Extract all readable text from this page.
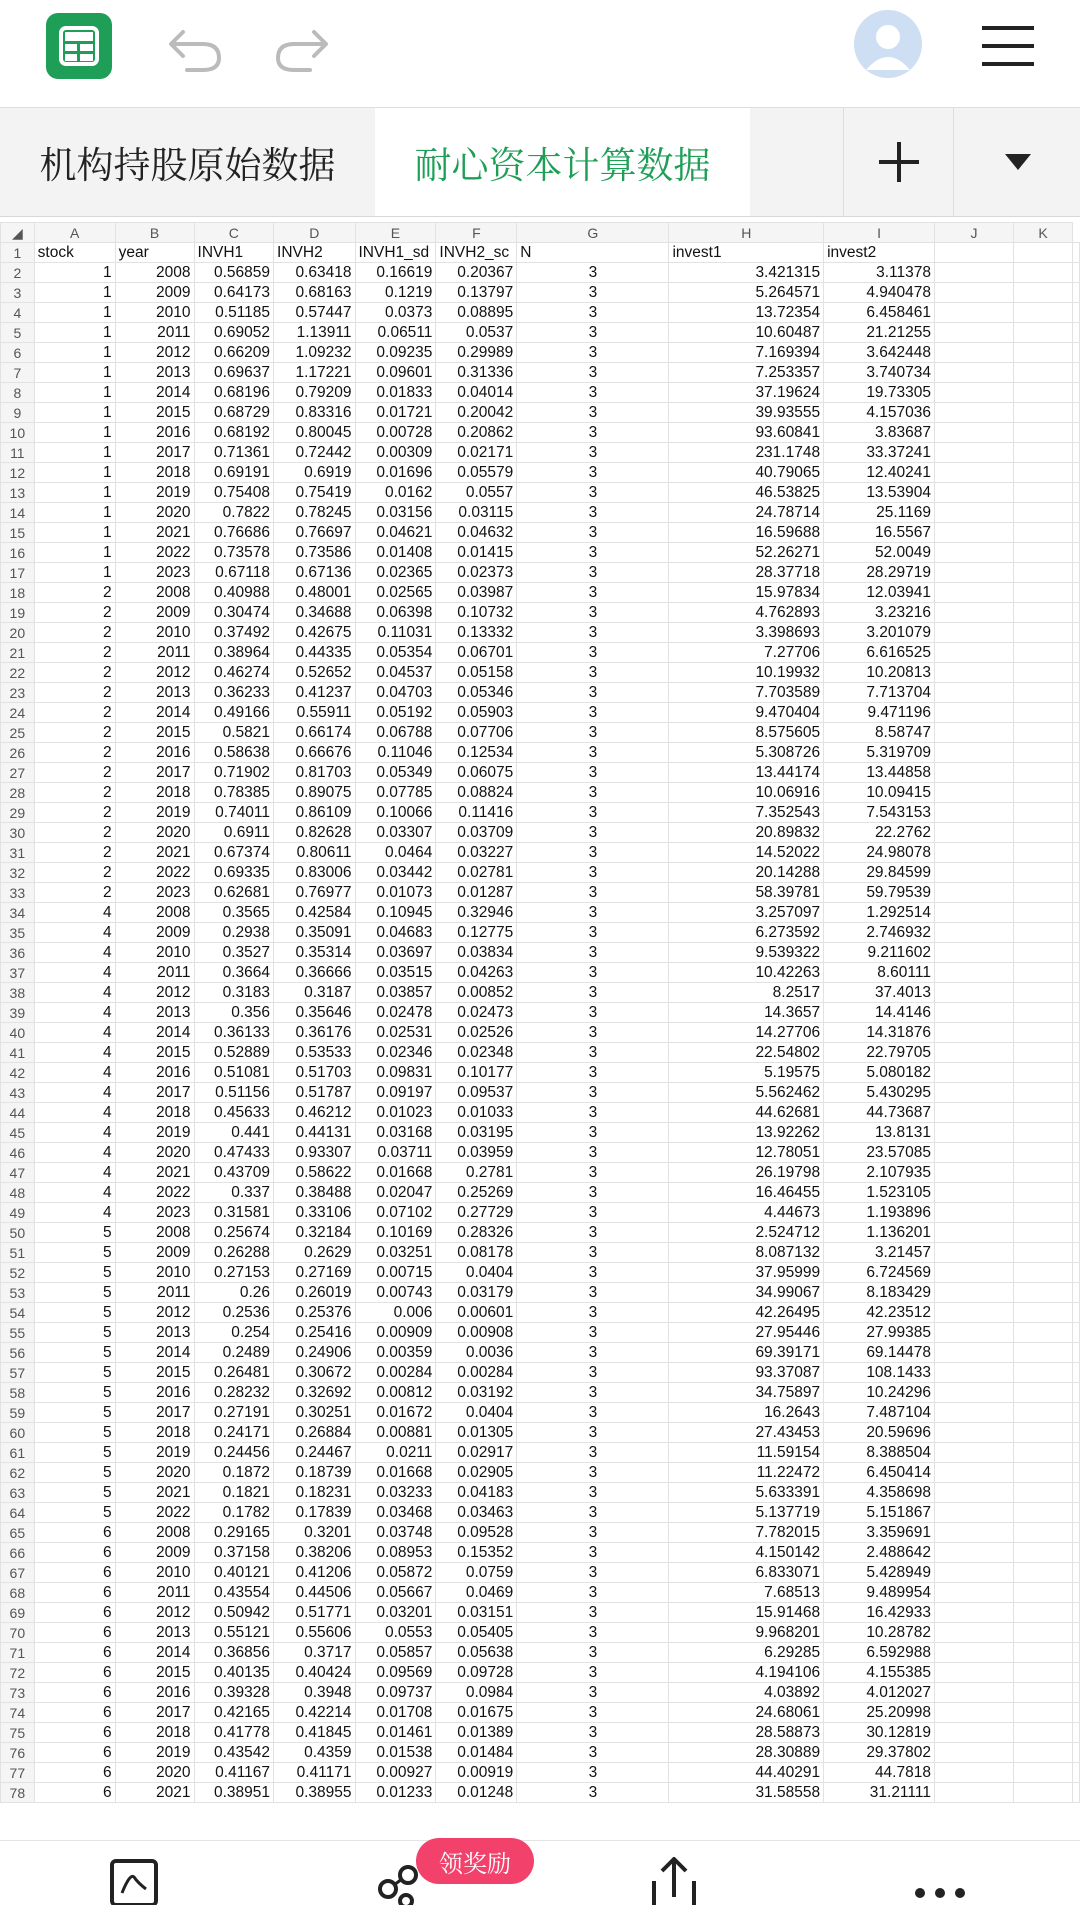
机构持股原始数据	耐心资本计算数据
◢	A	B	C	D	E	F	G	H	I	J	K	
1	stock	year	INVH1	INVH2	INVH1_sd	INVH2_sc	N	invest1	invest2			
2	1	2008	0.56859	0.63418	0.16619	0.20367	3	3.421315	3.11378			
3	1	2009	0.64173	0.68163	0.1219	0.13797	3	5.264571	4.940478			
4	1	2010	0.51185	0.57447	0.0373	0.08895	3	13.72354	6.458461			
5	1	2011	0.69052	1.13911	0.06511	0.0537	3	10.60487	21.21255			
6	1	2012	0.66209	1.09232	0.09235	0.29989	3	7.169394	3.642448			
7	1	2013	0.69637	1.17221	0.09601	0.31336	3	7.253357	3.740734			
8	1	2014	0.68196	0.79209	0.01833	0.04014	3	37.19624	19.73305			
9	1	2015	0.68729	0.83316	0.01721	0.20042	3	39.93555	4.157036			
10	1	2016	0.68192	0.80045	0.00728	0.20862	3	93.60841	3.83687			
11	1	2017	0.71361	0.72442	0.00309	0.02171	3	231.1748	33.37241			
12	1	2018	0.69191	0.6919	0.01696	0.05579	3	40.79065	12.40241			
13	1	2019	0.75408	0.75419	0.0162	0.0557	3	46.53825	13.53904			
14	1	2020	0.7822	0.78245	0.03156	0.03115	3	24.78714	25.1169			
15	1	2021	0.76686	0.76697	0.04621	0.04632	3	16.59688	16.5567			
16	1	2022	0.73578	0.73586	0.01408	0.01415	3	52.26271	52.0049			
17	1	2023	0.67118	0.67136	0.02365	0.02373	3	28.37718	28.29719			
18	2	2008	0.40988	0.48001	0.02565	0.03987	3	15.97834	12.03941			
19	2	2009	0.30474	0.34688	0.06398	0.10732	3	4.762893	3.23216			
20	2	2010	0.37492	0.42675	0.11031	0.13332	3	3.398693	3.201079			
21	2	2011	0.38964	0.44335	0.05354	0.06701	3	7.27706	6.616525			
22	2	2012	0.46274	0.52652	0.04537	0.05158	3	10.19932	10.20813			
23	2	2013	0.36233	0.41237	0.04703	0.05346	3	7.703589	7.713704			
24	2	2014	0.49166	0.55911	0.05192	0.05903	3	9.470404	9.471196			
25	2	2015	0.5821	0.66174	0.06788	0.07706	3	8.575605	8.58747			
26	2	2016	0.58638	0.66676	0.11046	0.12534	3	5.308726	5.319709			
27	2	2017	0.71902	0.81703	0.05349	0.06075	3	13.44174	13.44858			
28	2	2018	0.78385	0.89075	0.07785	0.08824	3	10.06916	10.09415			
29	2	2019	0.74011	0.86109	0.10066	0.11416	3	7.352543	7.543153			
30	2	2020	0.6911	0.82628	0.03307	0.03709	3	20.89832	22.2762			
31	2	2021	0.67374	0.80611	0.0464	0.03227	3	14.52022	24.98078			
32	2	2022	0.69335	0.83006	0.03442	0.02781	3	20.14288	29.84599			
33	2	2023	0.62681	0.76977	0.01073	0.01287	3	58.39781	59.79539			
34	4	2008	0.3565	0.42584	0.10945	0.32946	3	3.257097	1.292514			
35	4	2009	0.2938	0.35091	0.04683	0.12775	3	6.273592	2.746932			
36	4	2010	0.3527	0.35314	0.03697	0.03834	3	9.539322	9.211602			
37	4	2011	0.3664	0.36666	0.03515	0.04263	3	10.42263	8.60111			
38	4	2012	0.3183	0.3187	0.03857	0.00852	3	8.2517	37.4013			
39	4	2013	0.356	0.35646	0.02478	0.02473	3	14.3657	14.4146			
40	4	2014	0.36133	0.36176	0.02531	0.02526	3	14.27706	14.31876			
41	4	2015	0.52889	0.53533	0.02346	0.02348	3	22.54802	22.79705			
42	4	2016	0.51081	0.51703	0.09831	0.10177	3	5.19575	5.080182			
43	4	2017	0.51156	0.51787	0.09197	0.09537	3	5.562462	5.430295			
44	4	2018	0.45633	0.46212	0.01023	0.01033	3	44.62681	44.73687			
45	4	2019	0.441	0.44131	0.03168	0.03195	3	13.92262	13.8131			
46	4	2020	0.47433	0.93307	0.03711	0.03959	3	12.78051	23.57085			
47	4	2021	0.43709	0.58622	0.01668	0.2781	3	26.19798	2.107935			
48	4	2022	0.337	0.38488	0.02047	0.25269	3	16.46455	1.523105			
49	4	2023	0.31581	0.33106	0.07102	0.27729	3	4.44673	1.193896			
50	5	2008	0.25674	0.32184	0.10169	0.28326	3	2.524712	1.136201			
51	5	2009	0.26288	0.2629	0.03251	0.08178	3	8.087132	3.21457			
52	5	2010	0.27153	0.27169	0.00715	0.0404	3	37.95999	6.724569			
53	5	2011	0.26	0.26019	0.00743	0.03179	3	34.99067	8.183429			
54	5	2012	0.2536	0.25376	0.006	0.00601	3	42.26495	42.23512			
55	5	2013	0.254	0.25416	0.00909	0.00908	3	27.95446	27.99385			
56	5	2014	0.2489	0.24906	0.00359	0.0036	3	69.39171	69.14478			
57	5	2015	0.26481	0.30672	0.00284	0.00284	3	93.37087	108.1433			
58	5	2016	0.28232	0.32692	0.00812	0.03192	3	34.75897	10.24296			
59	5	2017	0.27191	0.30251	0.01672	0.0404	3	16.2643	7.487104			
60	5	2018	0.24171	0.26884	0.00881	0.01305	3	27.43453	20.59696			
61	5	2019	0.24456	0.24467	0.0211	0.02917	3	11.59154	8.388504			
62	5	2020	0.1872	0.18739	0.01668	0.02905	3	11.22472	6.450414			
63	5	2021	0.1821	0.18231	0.03233	0.04183	3	5.633391	4.358698			
64	5	2022	0.1782	0.17839	0.03468	0.03463	3	5.137719	5.151867			
65	6	2008	0.29165	0.3201	0.03748	0.09528	3	7.782015	3.359691			
66	6	2009	0.37158	0.38206	0.08953	0.15352	3	4.150142	2.488642			
67	6	2010	0.40121	0.41206	0.05872	0.0759	3	6.833071	5.428949			
68	6	2011	0.43554	0.44506	0.05667	0.0469	3	7.68513	9.489954			
69	6	2012	0.50942	0.51771	0.03201	0.03151	3	15.91468	16.42933			
70	6	2013	0.55121	0.55606	0.0553	0.05405	3	9.968201	10.28782			
71	6	2014	0.36856	0.3717	0.05857	0.05638	3	6.29285	6.592988			
72	6	2015	0.40135	0.40424	0.09569	0.09728	3	4.194106	4.155385			
73	6	2016	0.39328	0.3948	0.09737	0.0984	3	4.03892	4.012027			
74	6	2017	0.42165	0.42214	0.01708	0.01675	3	24.68061	25.20998			
75	6	2018	0.41778	0.41845	0.01461	0.01389	3	28.58873	30.12819			
76	6	2019	0.43542	0.4359	0.01538	0.01484	3	28.30889	29.37802			
77	6	2020	0.41167	0.41171	0.00927	0.00919	3	44.40291	44.7818			
78	6	2021	0.38951	0.38955	0.01233	0.01248	3	31.58558	31.21111			
领奖励
